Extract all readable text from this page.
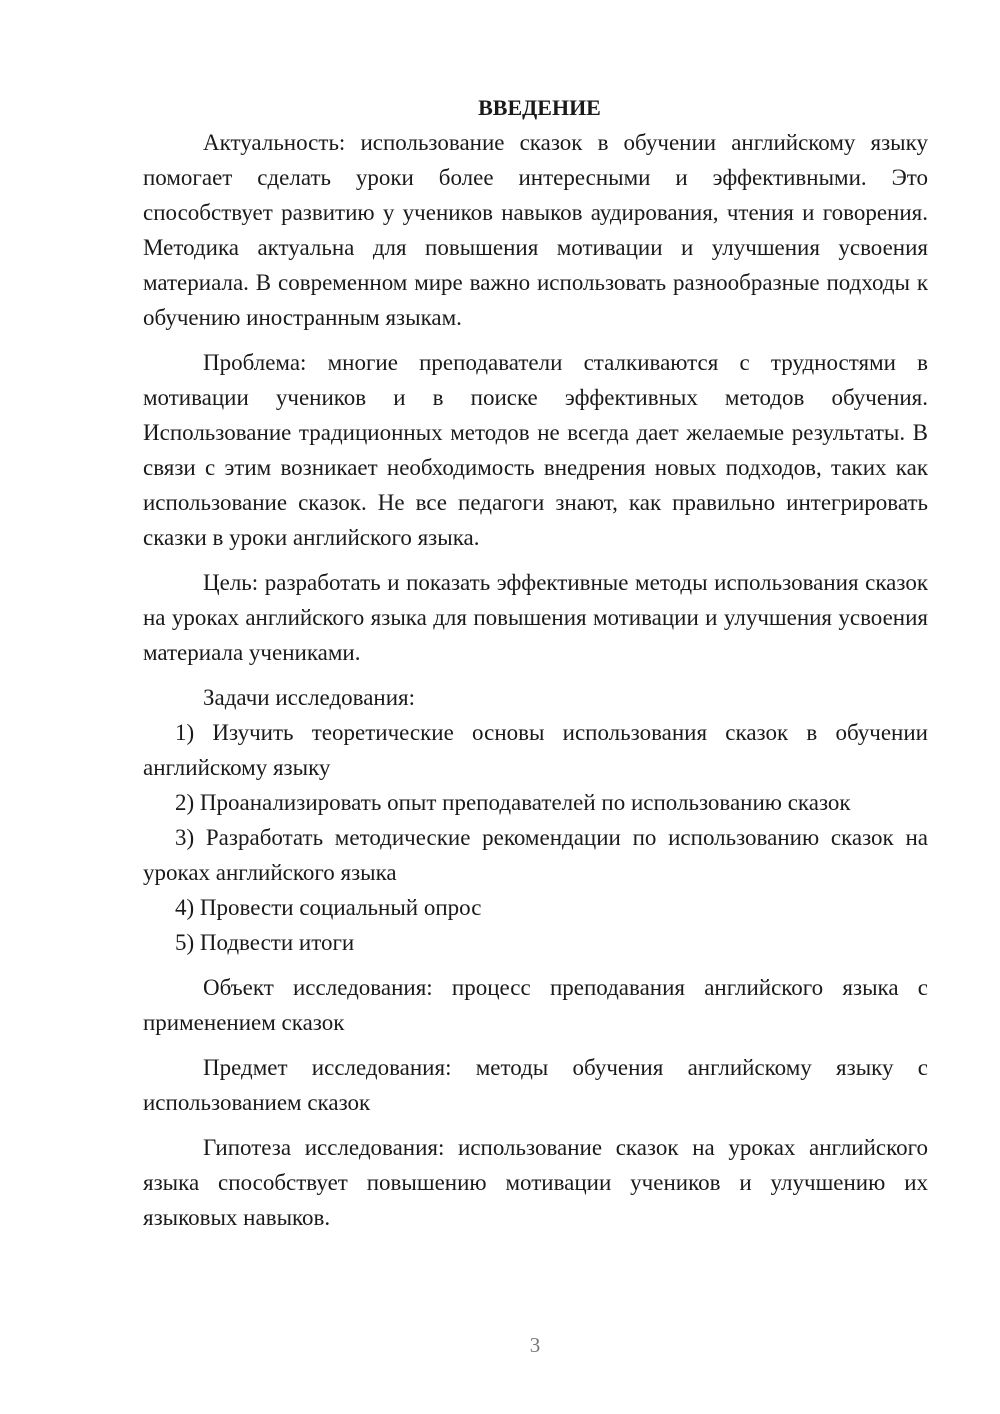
ВВЕДЕНИЕ

Актуальность: использование сказок в обучении английскому языку помогает сделать уроки более интересными и эффективными. Это способствует развитию у учеников навыков аудирования, чтения и говорения. Методика актуальна для повышения мотивации и улучшения усвоения материала. В современном мире важно использовать разнообразные подходы к обучению иностранным языкам.

Проблема: многие преподаватели сталкиваются с трудностями в мотивации учеников и в поиске эффективных методов обучения. Использование традиционных методов не всегда дает желаемые результаты. В связи с этим возникает необходимость внедрения новых подходов, таких как использование сказок. Не все педагоги знают, как правильно интегрировать сказки в уроки английского языка.

Цель: разработать и показать эффективные методы использования сказок на уроках английского языка для повышения мотивации и улучшения усвоения материала учениками.

Задачи исследования:

1) Изучить теоретические основы использования сказок в обучении английскому языку

2) Проанализировать опыт преподавателей по использованию сказок

3) Разработать методические рекомендации по использованию сказок на уроках английского языка

4) Провести социальный опрос

5) Подвести итоги

Объект исследования: процесс преподавания английского языка с применением сказок

Предмет исследования: методы обучения английскому языку с использованием сказок

Гипотеза исследования: использование сказок на уроках английского языка способствует повышению мотивации учеников и улучшению их языковых навыков.

3
